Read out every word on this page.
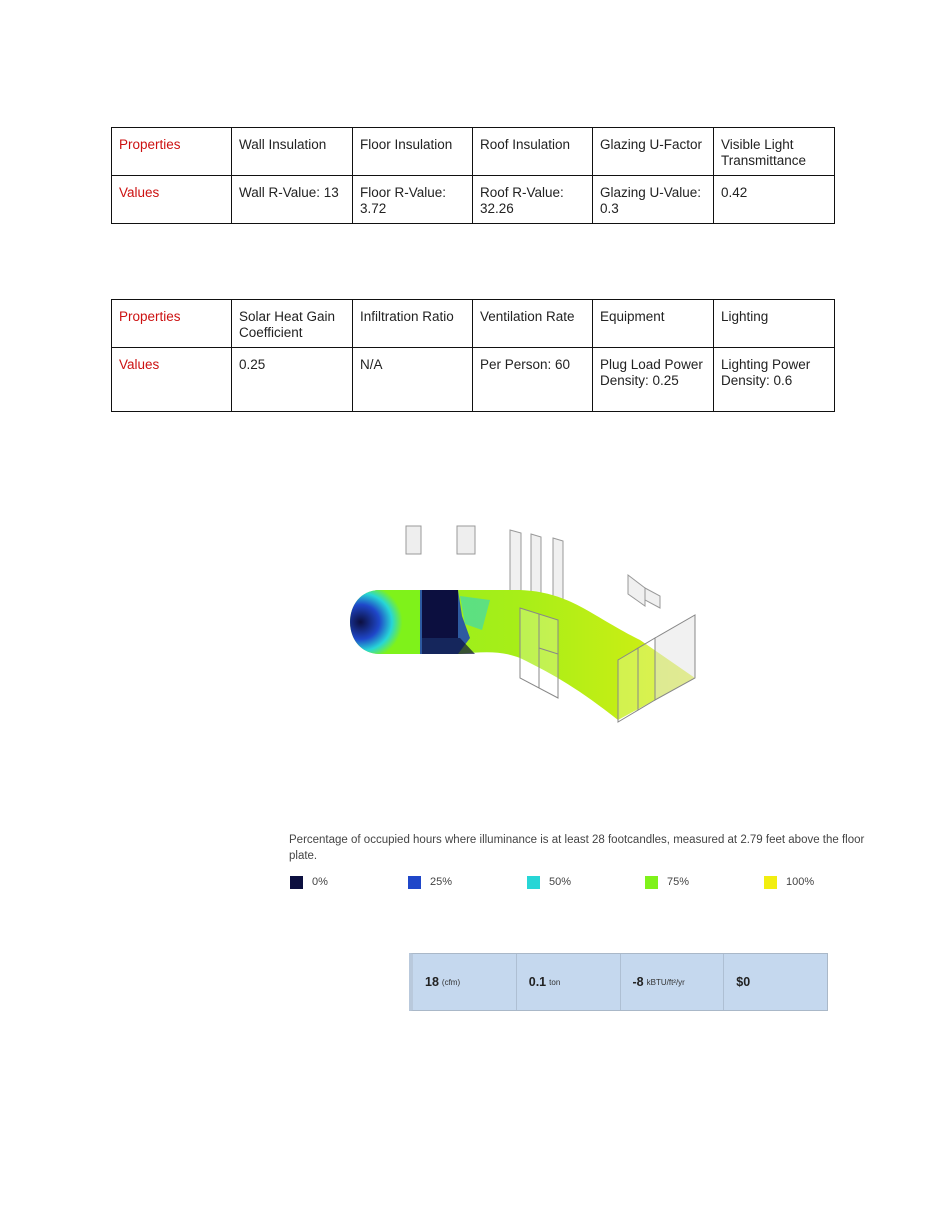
Properties	Wall Insulation	Floor Insulation	Roof Insulation	Glazing U-Factor	Visible Light Transmittance
Values	Wall R-Value: 13	Floor R-Value: 3.72	Roof R-Value: 32.26	Glazing U-Value: 0.3	0.42
Properties	Solar Heat Gain Coefficient	Infiltration Ratio	Ventilation Rate	Equipment	Lighting
Values	0.25	N/A	Per Person: 60	Plug Load Power Density: 0.25	Lighting Power Density: 0.6
Percentage of occupied hours where illuminance is at least 28 footcandles, measured at 2.79 feet above the floor plate.
0%	25%	50%	75%	100%
18 (cfm)	0.1 ton	-8 kBTU/ft²/yr	$0
